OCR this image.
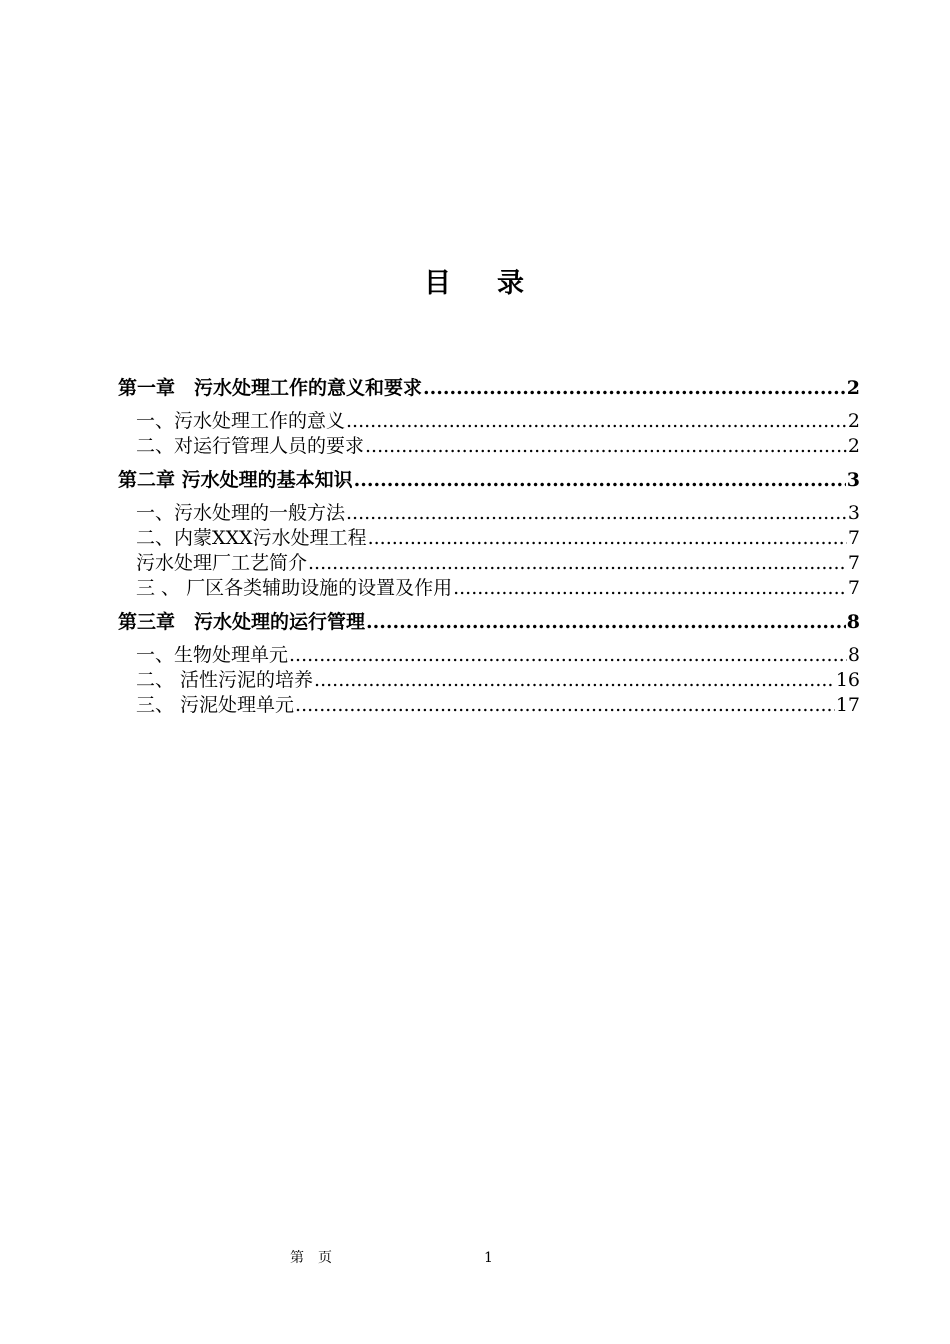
目 录
第一章　污水处理工作的意义和要求 .....	2
一、污水处理工作的意义 .....	2
二、对运行管理人员的要求 .....	2
第二章 污水处理的基本知识 .....	3
一、污水处理的一般方法 .....	3
二、内蒙XXX污水处理工程 .....	7
污水处理厂工艺简介 .....	7
三 、 厂区各类辅助设施的设置及作用 .....	7
第三章　污水处理的运行管理 .....	8
一、生物处理单元 .....	8
二、 活性污泥的培养 .....	16
三、 污泥处理单元 .....	17
第　页	1
